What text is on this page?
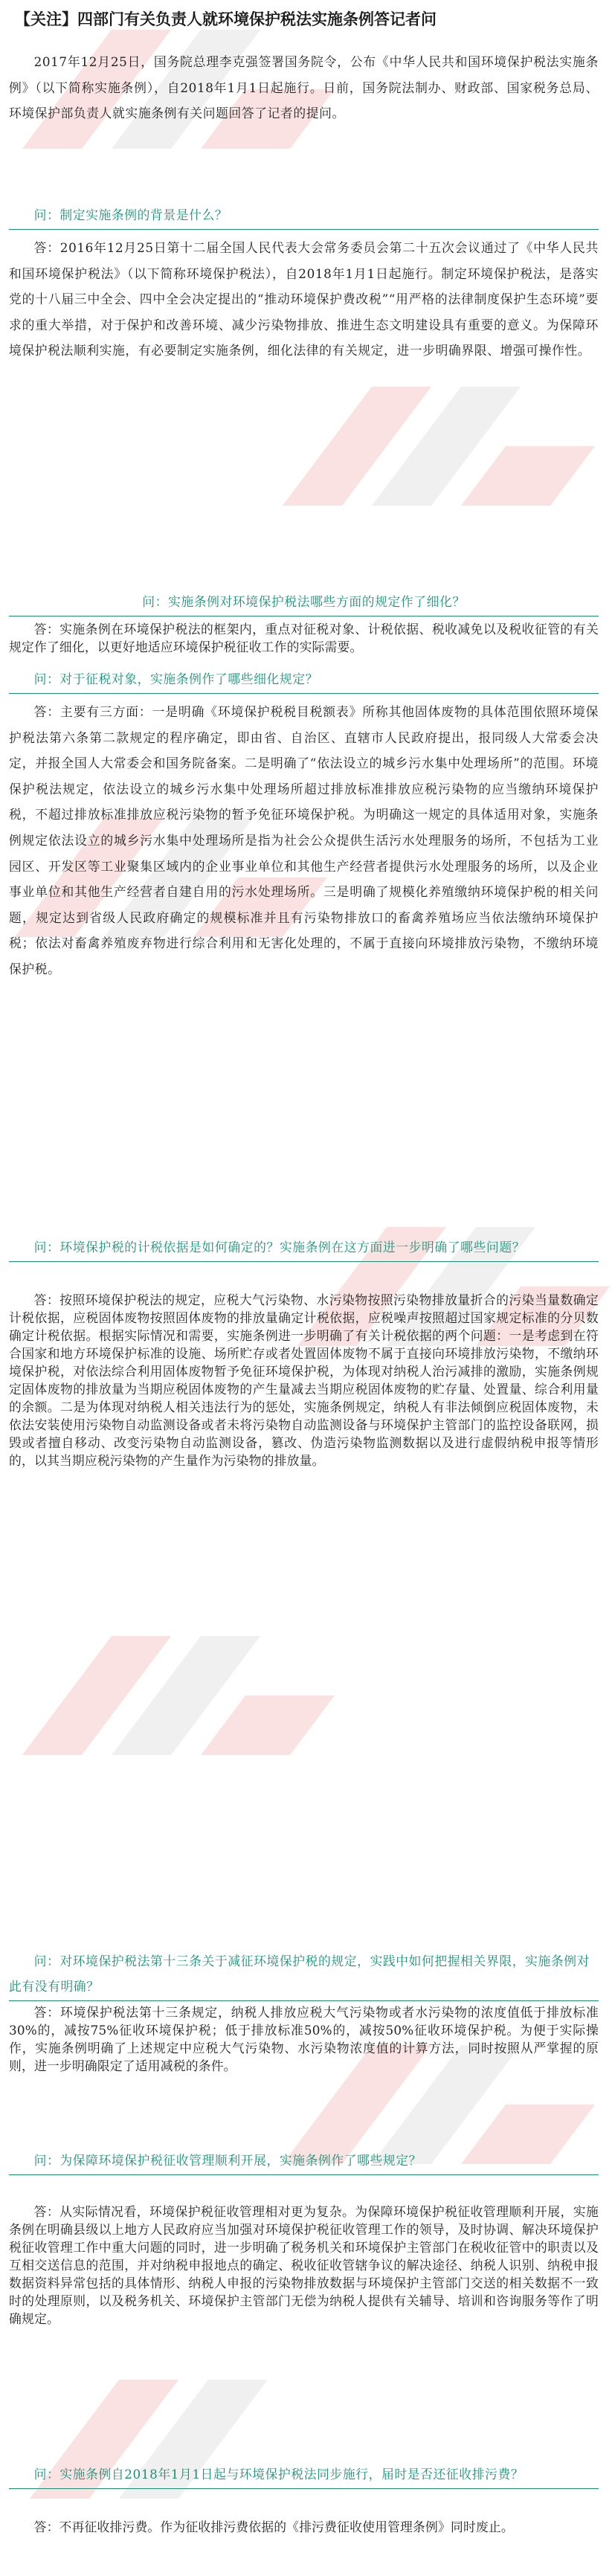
【关注】四部门有关负责人就环境保护税法实施条例答记者问
2017年12月25日，国务院总理李克强签署国务院令，公布《中华人民共和国环境保护税法实施条例》（以下简称实施条例），自2018年1月1日起施行。日前，国务院法制办、财政部、国家税务总局、环境保护部负责人就实施条例有关问题回答了记者的提问。
问：制定实施条例的背景是什么？
答：2016年12月25日第十二届全国人民代表大会常务委员会第二十五次会议通过了《中华人民共和国环境保护税法》（以下简称环境保护税法），自2018年1月1日起施行。制定环境保护税法，是落实党的十八届三中全会、四中全会决定提出的“推动环境保护费改税”“用严格的法律制度保护生态环境”要求的重大举措，对于保护和改善环境、减少污染物排放、推进生态文明建设具有重要的意义。为保障环境保护税法顺利实施，有必要制定实施条例，细化法律的有关规定，进一步明确界限、增强可操作性。
问：实施条例对环境保护税法哪些方面的规定作了细化？
答：实施条例在环境保护税法的框架内，重点对征税对象、计税依据、税收减免以及税收征管的有关规定作了细化，以更好地适应环境保护税征收工作的实际需要。
问：对于征税对象，实施条例作了哪些细化规定？
答：主要有三方面：一是明确《环境保护税税目税额表》所称其他固体废物的具体范围依照环境保护税法第六条第二款规定的程序确定，即由省、自治区、直辖市人民政府提出，报同级人大常委会决定，并报全国人大常委会和国务院备案。二是明确了“依法设立的城乡污水集中处理场所”的范围。环境保护税法规定，依法设立的城乡污水集中处理场所超过排放标准排放应税污染物的应当缴纳环境保护税，不超过排放标准排放应税污染物的暂予免征环境保护税。为明确这一规定的具体适用对象，实施条例规定依法设立的城乡污水集中处理场所是指为社会公众提供生活污水处理服务的场所，不包括为工业园区、开发区等工业聚集区域内的企业事业单位和其他生产经营者提供污水处理服务的场所，以及企业事业单位和其他生产经营者自建自用的污水处理场所。三是明确了规模化养殖缴纳环境保护税的相关问题，规定达到省级人民政府确定的规模标准并且有污染物排放口的畜禽养殖场应当依法缴纳环境保护税；依法对畜禽养殖废弃物进行综合利用和无害化处理的，不属于直接向环境排放污染物，不缴纳环境保护税。
问：环境保护税的计税依据是如何确定的？实施条例在这方面进一步明确了哪些问题？
答：按照环境保护税法的规定，应税大气污染物、水污染物按照污染物排放量折合的污染当量数确定计税依据，应税固体废物按照固体废物的排放量确定计税依据，应税噪声按照超过国家规定标准的分贝数确定计税依据。根据实际情况和需要，实施条例进一步明确了有关计税依据的两个问题：一是考虑到在符合国家和地方环境保护标准的设施、场所贮存或者处置固体废物不属于直接向环境排放污染物，不缴纳环境保护税，对依法综合利用固体废物暂予免征环境保护税，为体现对纳税人治污减排的激励，实施条例规定固体废物的排放量为当期应税固体废物的产生量减去当期应税固体废物的贮存量、处置量、综合利用量的余额。二是为体现对纳税人相关违法行为的惩处，实施条例规定，纳税人有非法倾倒应税固体废物，未依法安装使用污染物自动监测设备或者未将污染物自动监测设备与环境保护主管部门的监控设备联网，损毁或者擅自移动、改变污染物自动监测设备，篡改、伪造污染物监测数据以及进行虚假纳税申报等情形的，以其当期应税污染物的产生量作为污染物的排放量。
问：对环境保护税法第十三条关于减征环境保护税的规定，实践中如何把握相关界限，实施条例对此有没有明确？
答：环境保护税法第十三条规定，纳税人排放应税大气污染物或者水污染物的浓度值低于排放标准30%的，减按75%征收环境保护税；低于排放标准50%的，减按50%征收环境保护税。为便于实际操作，实施条例明确了上述规定中应税大气污染物、水污染物浓度值的计算方法，同时按照从严掌握的原则，进一步明确限定了适用减税的条件。
问：为保障环境保护税征收管理顺利开展，实施条例作了哪些规定？
答：从实际情况看，环境保护税征收管理相对更为复杂。为保障环境保护税征收管理顺利开展，实施条例在明确县级以上地方人民政府应当加强对环境保护税征收管理工作的领导，及时协调、解决环境保护税征收管理工作中重大问题的同时，进一步明确了税务机关和环境保护主管部门在税收征管中的职责以及互相交送信息的范围，并对纳税申报地点的确定、税收征收管辖争议的解决途径、纳税人识别、纳税申报数据资料异常包括的具体情形、纳税人申报的污染物排放数据与环境保护主管部门交送的相关数据不一致时的处理原则，以及税务机关、环境保护主管部门无偿为纳税人提供有关辅导、培训和咨询服务等作了明确规定。
问：实施条例自2018年1月1日起与环境保护税法同步施行，届时是否还征收排污费？
答：不再征收排污费。作为征收排污费依据的《排污费征收使用管理条例》同时废止。
